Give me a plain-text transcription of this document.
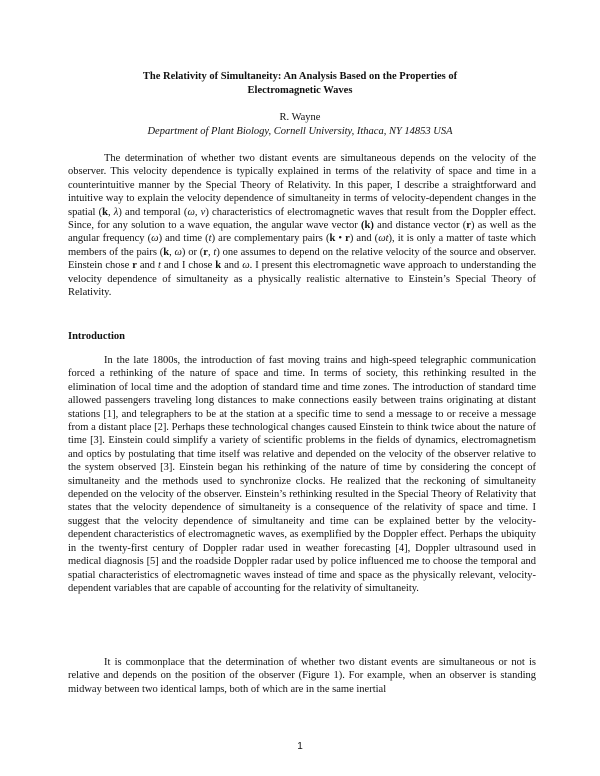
The Relativity of Simultaneity: An Analysis Based on the Properties of Electromagnetic Waves
R. Wayne
Department of Plant Biology, Cornell University, Ithaca, NY 14853 USA

The determination of whether two distant events are simultaneous depends on the velocity of the observer. This velocity dependence is typically explained in terms of the relativity of space and time in a counterintuitive manner by the Special Theory of Relativity. In this paper, I describe a straightforward and intuitive way to explain the velocity dependence of simultaneity in terms of velocity-dependent changes in the spatial (k, λ) and temporal (ω, ν) characteristics of electromagnetic waves that result from the Doppler effect. Since, for any solution to a wave equation, the angular wave vector (k) and distance vector (r) as well as the angular frequency (ω) and time (t) are complementary pairs (k • r) and (ωt), it is only a matter of taste which members of the pairs (k, ω) or (r, t) one assumes to depend on the relative velocity of the source and observer. Einstein chose r and t and I chose k and ω. I present this electromagnetic wave approach to understanding the velocity dependence of simultaneity as a physically realistic alternative to Einstein’s Special Theory of Relativity.

Introduction

In the late 1800s, the introduction of fast moving trains and high-speed telegraphic communication forced a rethinking of the nature of space and time. In terms of society, this rethinking resulted in the elimination of local time and the adoption of standard time and time zones. The introduction of standard time allowed passengers traveling long distances to make connections easily between trains originating at distant stations [1], and telegraphers to be at the station at a specific time to send a message to or receive a message from a distant place [2]. Perhaps these technological changes caused Einstein to think twice about the nature of time [3]. Einstein could simplify a variety of scientific problems in the fields of dynamics, electromagnetism and optics by postulating that time itself was relative and depended on the velocity of the observer relative to the system observed [3]. Einstein began his rethinking of the nature of time by considering the concept of simultaneity and the methods used to synchronize clocks. He realized that the reckoning of simultaneity depended on the velocity of the observer. Einstein’s rethinking resulted in the Special Theory of Relativity that states that the velocity dependence of simultaneity is a consequence of the relativity of space and time. I suggest that the velocity dependence of simultaneity and time can be explained better by the velocity-dependent characteristics of electromagnetic waves, as exemplified by the Doppler effect. Perhaps the ubiquity in the twenty-first century of Doppler radar used in weather forecasting [4], Doppler ultrasound used in medical diagnosis [5] and the roadside Doppler radar used by police influenced me to choose the temporal and spatial characteristics of electromagnetic waves instead of time and space as the physically relevant, velocity-dependent variables that are capable of accounting for the relativity of simultaneity.

It is commonplace that the determination of whether two distant events are simultaneous or not is relative and depends on the position of the observer (Figure 1). For example, when an observer is standing midway between two identical lamps, both of which are in the same inertial

1
